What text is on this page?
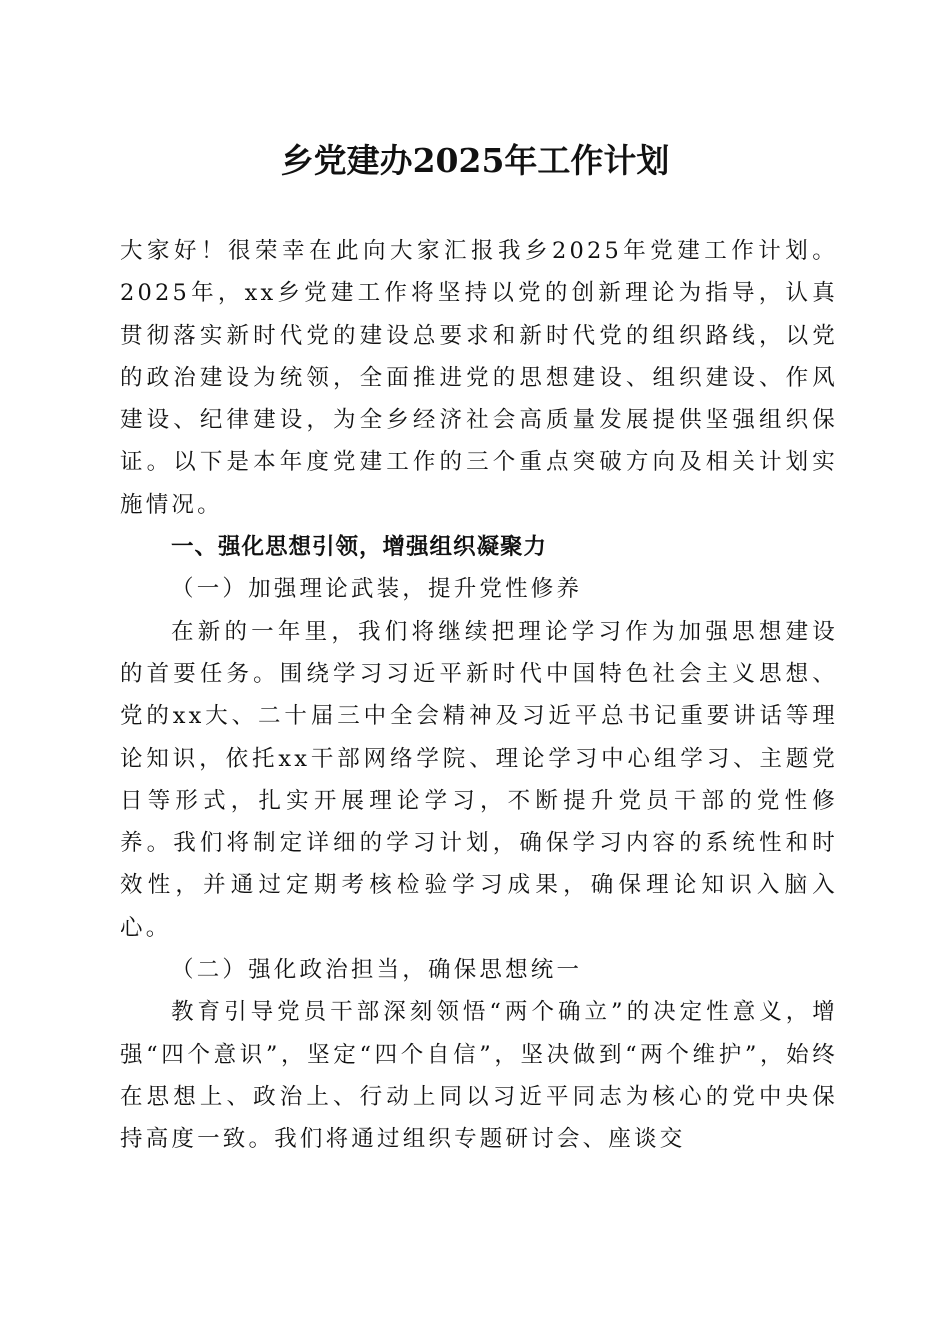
乡党建办2025年工作计划

大家好！很荣幸在此向大家汇报我乡2025年党建工作计划。2025年，xx乡党建工作将坚持以党的创新理论为指导，认真贯彻落实新时代党的建设总要求和新时代党的组织路线，以党的政治建设为统领，全面推进党的思想建设、组织建设、作风建设、纪律建设，为全乡经济社会高质量发展提供坚强组织保证。以下是本年度党建工作的三个重点突破方向及相关计划实施情况。

一、强化思想引领，增强组织凝聚力

（一）加强理论武装，提升党性修养

在新的一年里，我们将继续把理论学习作为加强思想建设的首要任务。围绕学习习近平新时代中国特色社会主义思想、党的xx大、二十届三中全会精神及习近平总书记重要讲话等理论知识，依托xx干部网络学院、理论学习中心组学习、主题党日等形式，扎实开展理论学习，不断提升党员干部的党性修养。我们将制定详细的学习计划，确保学习内容的系统性和时效性，并通过定期考核检验学习成果，确保理论知识入脑入心。

（二）强化政治担当，确保思想统一

教育引导党员干部深刻领悟“两个确立”的决定性意义，增强“四个意识”，坚定“四个自信”，坚决做到“两个维护”，始终在思想上、政治上、行动上同以习近平同志为核心的党中央保持高度一致。我们将通过组织专题研讨会、座谈交
